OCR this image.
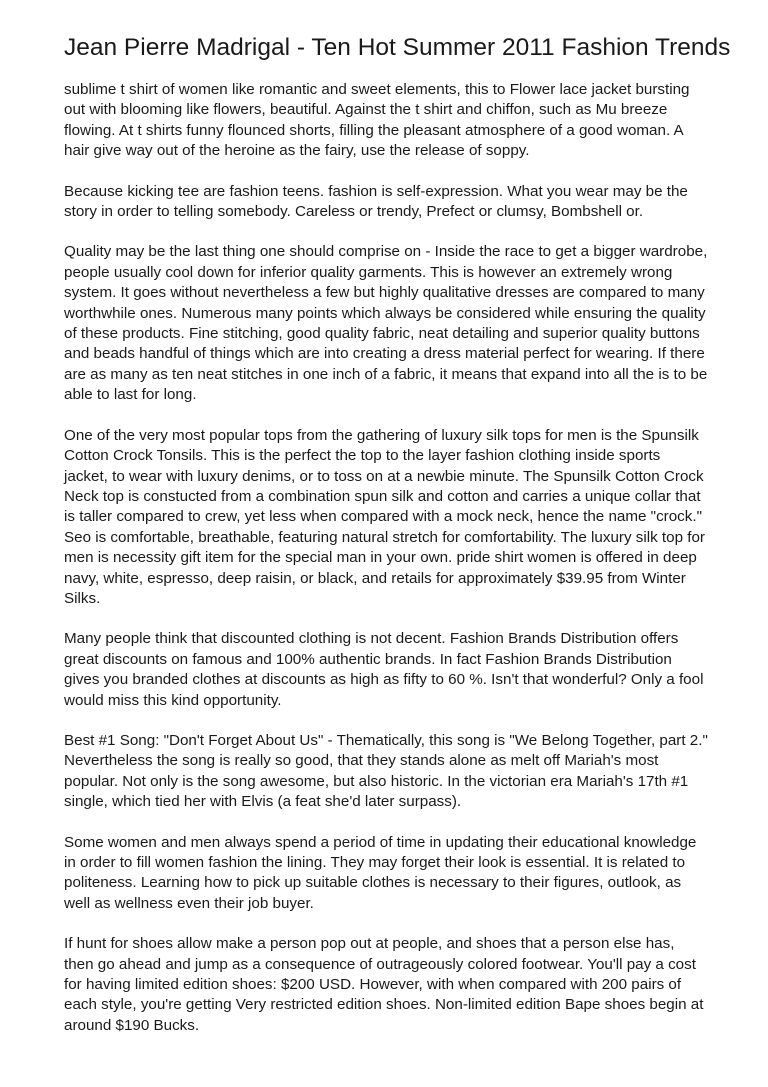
Jean Pierre Madrigal - Ten Hot Summer 2011 Fashion Trends

sublime t shirt of women like romantic and sweet elements, this to Flower lace jacket bursting out with blooming like flowers, beautiful. Against the t shirt and chiffon, such as Mu breeze flowing. At t shirts funny flounced shorts, filling the pleasant atmosphere of a good woman. A hair give way out of the heroine as the fairy, use the release of soppy.

Because kicking tee are fashion teens. fashion is self-expression. What you wear may be the story in order to telling somebody. Careless or trendy, Prefect or clumsy, Bombshell or.

Quality may be the last thing one should comprise on - Inside the race to get a bigger wardrobe, people usually cool down for inferior quality garments. This is however an extremely wrong system. It goes without nevertheless a few but highly qualitative dresses are compared to many worthwhile ones. Numerous many points which always be considered while ensuring the quality of these products. Fine stitching, good quality fabric, neat detailing and superior quality buttons and beads handful of things which are into creating a dress material perfect for wearing. If there are as many as ten neat stitches in one inch of a fabric, it means that expand into all the is to be able to last for long.

One of the very most popular tops from the gathering of luxury silk tops for men is the Spunsilk Cotton Crock Tonsils. This is the perfect the top to the layer fashion clothing inside sports jacket, to wear with luxury denims, or to toss on at a newbie minute. The Spunsilk Cotton Crock Neck top is constucted from a combination spun silk and cotton and carries a unique collar that is taller compared to crew, yet less when compared with a mock neck, hence the name "crock." Seo is comfortable, breathable, featuring natural stretch for comfortability. The luxury silk top for men is necessity gift item for the special man in your own. pride shirt women is offered in deep navy, white, espresso, deep raisin, or black, and retails for approximately $39.95 from Winter Silks.

Many people think that discounted clothing is not decent. Fashion Brands Distribution offers great discounts on famous and 100% authentic brands. In fact Fashion Brands Distribution gives you branded clothes at discounts as high as fifty to 60 %. Isn't that wonderful? Only a fool would miss this kind opportunity.

Best #1 Song: "Don't Forget About Us" - Thematically, this song is "We Belong Together, part 2." Nevertheless the song is really so good, that they stands alone as melt off Mariah's most popular. Not only is the song awesome, but also historic. In the victorian era Mariah's 17th #1 single, which tied her with Elvis (a feat she'd later surpass).

Some women and men always spend a period of time in updating their educational knowledge in order to fill women fashion the lining. They may forget their look is essential. It is related to politeness. Learning how to pick up suitable clothes is necessary to their figures, outlook, as well as wellness even their job buyer.

If hunt for shoes allow make a person pop out at people, and shoes that a person else has, then go ahead and jump as a consequence of outrageously colored footwear. You'll pay a cost for having limited edition shoes: $200 USD. However, with when compared with 200 pairs of each style, you're getting Very restricted edition shoes. Non-limited edition Bape shoes begin at around $190 Bucks.
